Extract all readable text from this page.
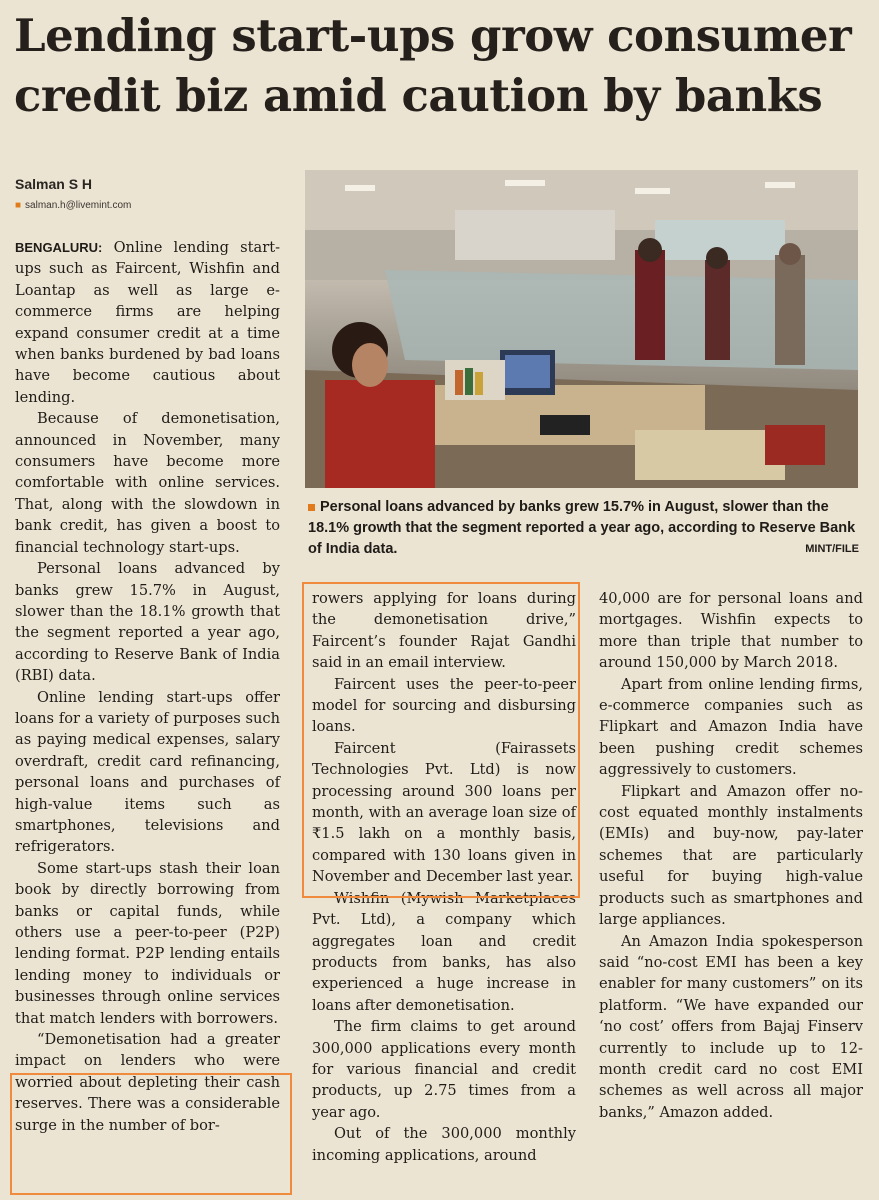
Lending start-ups grow consumer
credit biz amid caution by banks
Salman S H
■ salman.h@livemint.com
Personal loans advanced by banks grew 15.7% in August, slower than the 18.1% growth that the segment reported a year ago, according to Reserve Bank of India data.	MINT/FILE

BENGALURU: Online lending start-ups such as Faircent, Wishfin and Loantap as well as large e-commerce firms are helping expand consumer credit at a time when banks burdened by bad loans have become cautious about lending.

Because of demonetisation, announced in November, many consumers have become more comfortable with online services. That, along with the slowdown in bank credit, has given a boost to financial technology start-ups.

Personal loans advanced by banks grew 15.7% in August, slower than the 18.1% growth that the segment reported a year ago, according to Reserve Bank of India (RBI) data.

Online lending start-ups offer loans for a variety of purposes such as paying medical expenses, salary overdraft, credit card refinancing, personal loans and purchases of high-value items such as smartphones, televisions and refrigerators.

Some start-ups stash their loan book by directly borrowing from banks or capital funds, while others use a peer-to-peer (P2P) lending format. P2P lending entails lending money to individuals or businesses through online services that match lenders with borrowers.

“Demonetisation had a greater impact on lenders who were worried about depleting their cash reserves. There was a considerable surge in the number of bor-

rowers applying for loans during the demonetisation drive,” Faircent’s founder Rajat Gandhi said in an email interview.

Faircent uses the peer-to-peer model for sourcing and disbursing loans.

Faircent (Fairassets Technologies Pvt. Ltd) is now processing around 300 loans per month, with an average loan size of ₹1.5 lakh on a monthly basis, compared with 130 loans given in November and December last year.

Wishfin (Mywish Marketplaces Pvt. Ltd), a company which aggregates loan and credit products from banks, has also experienced a huge increase in loans after demonetisation.

The firm claims to get around 300,000 applications every month for various financial and credit products, up 2.75 times from a year ago.

Out of the 300,000 monthly incoming applications, around

40,000 are for personal loans and mortgages. Wishfin expects to more than triple that number to around 150,000 by March 2018.

Apart from online lending firms, e-commerce companies such as Flipkart and Amazon India have been pushing credit schemes aggressively to customers.

Flipkart and Amazon offer no-cost equated monthly instalments (EMIs) and buy-now, pay-later schemes that are particularly useful for buying high-value products such as smartphones and large appliances.

An Amazon India spokesperson said “no-cost EMI has been a key enabler for many customers” on its platform. “We have expanded our ‘no cost’ offers from Bajaj Finserv currently to include up to 12-month credit card no cost EMI schemes as well across all major banks,” Amazon added.
